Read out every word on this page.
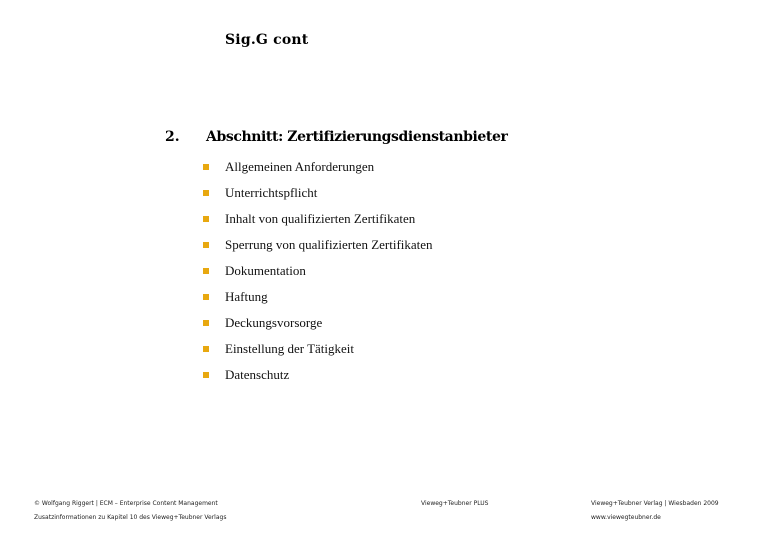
Sig.G cont
2. Abschnitt: Zertifizierungsdienstanbieter
Allgemeinen Anforderungen
Unterrichtspflicht
Inhalt von qualifizierten Zertifikaten
Sperrung von qualifizierten Zertifikaten
Dokumentation
Haftung
Deckungsvorsorge
Einstellung der Tätigkeit
Datenschutz
© Wolfgang Riggert | ECM – Enterprise Content Management
Zusatzinformationen zu Kapitel 10 des Vieweg+Teubner Verlags
Vieweg+Teubner PLUS	Vieweg+Teubner Verlag | Wiesbaden 2009
www.viewegteubner.de
